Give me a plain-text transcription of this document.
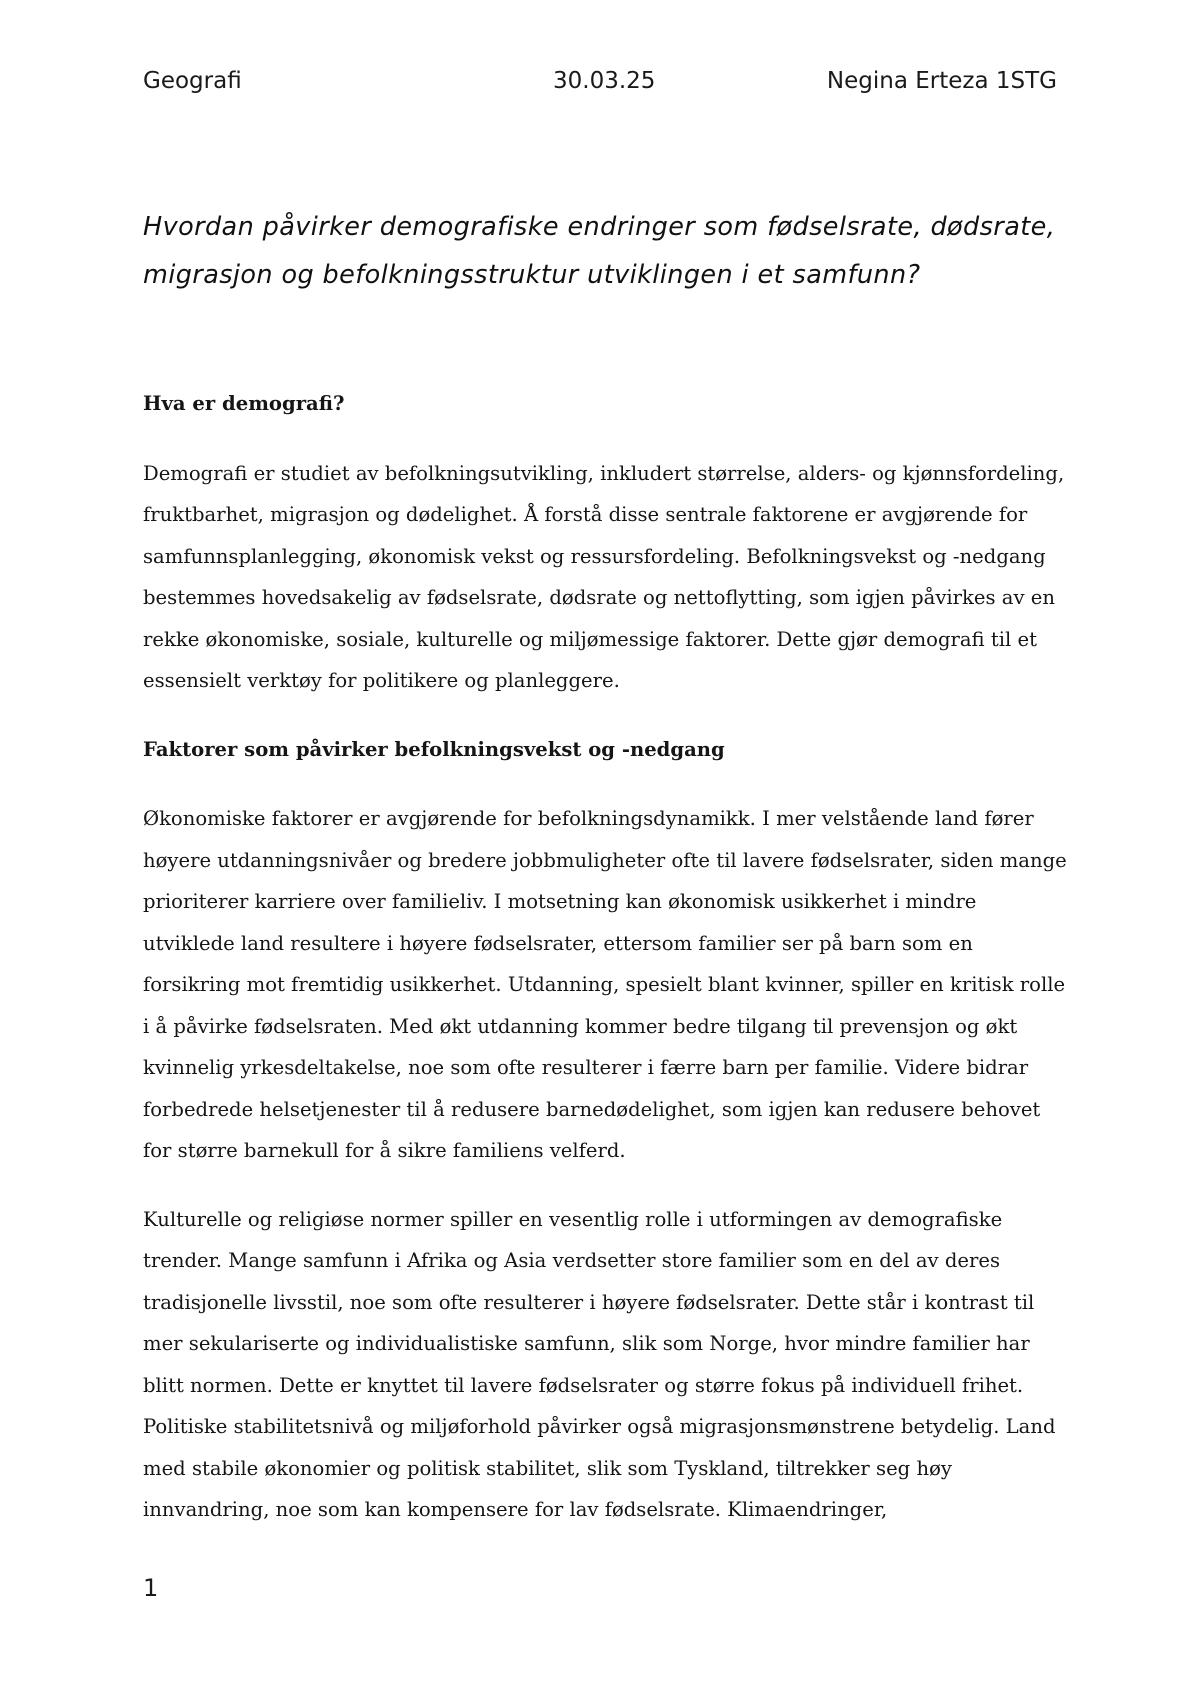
Geografi	30.03.25	Negina Erteza 1STG
Hvordan påvirker demografiske endringer som fødselsrate, dødsrate, migrasjon og befolkningsstruktur utviklingen i et samfunn?
Hva er demografi?

Demografi er studiet av befolkningsutvikling, inkludert størrelse, alders- og kjønnsfordeling, fruktbarhet, migrasjon og dødelighet. Å forstå disse sentrale faktorene er avgjørende for samfunnsplanlegging, økonomisk vekst og ressursfordeling. Befolkningsvekst og -nedgang bestemmes hovedsakelig av fødselsrate, dødsrate og nettoflytting, som igjen påvirkes av en rekke økonomiske, sosiale, kulturelle og miljømessige faktorer. Dette gjør demografi til et essensielt verktøy for politikere og planleggere.

Faktorer som påvirker befolkningsvekst og -nedgang

Økonomiske faktorer er avgjørende for befolkningsdynamikk. I mer velstående land fører høyere utdanningsnivåer og bredere jobbmuligheter ofte til lavere fødselsrater, siden mange prioriterer karriere over familieliv. I motsetning kan økonomisk usikkerhet i mindre utviklede land resultere i høyere fødselsrater, ettersom familier ser på barn som en forsikring mot fremtidig usikkerhet. Utdanning, spesielt blant kvinner, spiller en kritisk rolle i å påvirke fødselsraten. Med økt utdanning kommer bedre tilgang til prevensjon og økt kvinnelig yrkesdeltakelse, noe som ofte resulterer i færre barn per familie. Videre bidrar forbedrede helsetjenester til å redusere barnedødelighet, som igjen kan redusere behovet for større barnekull for å sikre familiens velferd.

Kulturelle og religiøse normer spiller en vesentlig rolle i utformingen av demografiske trender. Mange samfunn i Afrika og Asia verdsetter store familier som en del av deres tradisjonelle livsstil, noe som ofte resulterer i høyere fødselsrater. Dette står i kontrast til mer sekulariserte og individualistiske samfunn, slik som Norge, hvor mindre familier har blitt normen. Dette er knyttet til lavere fødselsrater og større fokus på individuell frihet. Politiske stabilitetsnivå og miljøforhold påvirker også migrasjonsmønstrene betydelig. Land med stabile økonomier og politisk stabilitet, slik som Tyskland, tiltrekker seg høy innvandring, noe som kan kompensere for lav fødselsrate. Klimaendringer,

1
